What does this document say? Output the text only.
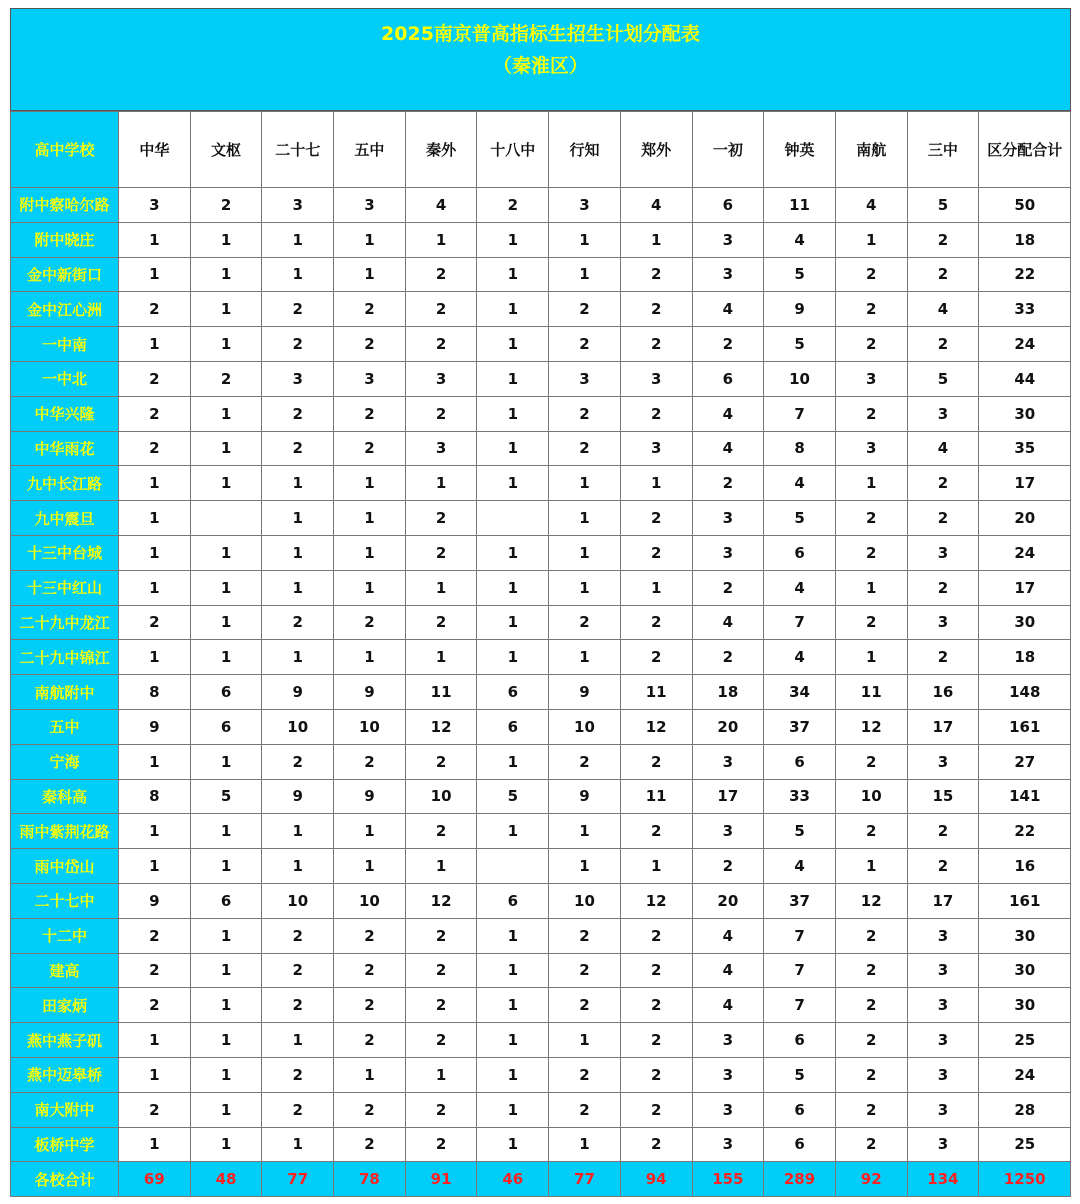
2025南京普高指标生招生计划分配表
（秦淮区）
高中学校	中华	文枢	二十七	五中	秦外	十八中	行知	郑外	一初	钟英	南航	三中	区分配合计
附中察哈尔路	3	2	3	3	4	2	3	4	6	11	4	5	50
附中晓庄	1	1	1	1	1	1	1	1	3	4	1	2	18
金中新街口	1	1	1	1	2	1	1	2	3	5	2	2	22
金中江心洲	2	1	2	2	2	1	2	2	4	9	2	4	33
一中南	1	1	2	2	2	1	2	2	2	5	2	2	24
一中北	2	2	3	3	3	1	3	3	6	10	3	5	44
中华兴隆	2	1	2	2	2	1	2	2	4	7	2	3	30
中华雨花	2	1	2	2	3	1	2	3	4	8	3	4	35
九中长江路	1	1	1	1	1	1	1	1	2	4	1	2	17
九中震旦	1		1	1	2		1	2	3	5	2	2	20
十三中台城	1	1	1	1	2	1	1	2	3	6	2	3	24
十三中红山	1	1	1	1	1	1	1	1	2	4	1	2	17
二十九中龙江	2	1	2	2	2	1	2	2	4	7	2	3	30
二十九中锦江	1	1	1	1	1	1	1	2	2	4	1	2	18
南航附中	8	6	9	9	11	6	9	11	18	34	11	16	148
五中	9	6	10	10	12	6	10	12	20	37	12	17	161
宁海	1	1	2	2	2	1	2	2	3	6	2	3	27
秦科高	8	5	9	9	10	5	9	11	17	33	10	15	141
雨中紫荆花路	1	1	1	1	2	1	1	2	3	5	2	2	22
雨中岱山	1	1	1	1	1		1	1	2	4	1	2	16
二十七中	9	6	10	10	12	6	10	12	20	37	12	17	161
十二中	2	1	2	2	2	1	2	2	4	7	2	3	30
建高	2	1	2	2	2	1	2	2	4	7	2	3	30
田家炳	2	1	2	2	2	1	2	2	4	7	2	3	30
燕中燕子矶	1	1	1	2	2	1	1	2	3	6	2	3	25
燕中迈皋桥	1	1	2	1	1	1	2	2	3	5	2	3	24
南大附中	2	1	2	2	2	1	2	2	3	6	2	3	28
板桥中学	1	1	1	2	2	1	1	2	3	6	2	3	25
各校合计	69	48	77	78	91	46	77	94	155	289	92	134	1250
